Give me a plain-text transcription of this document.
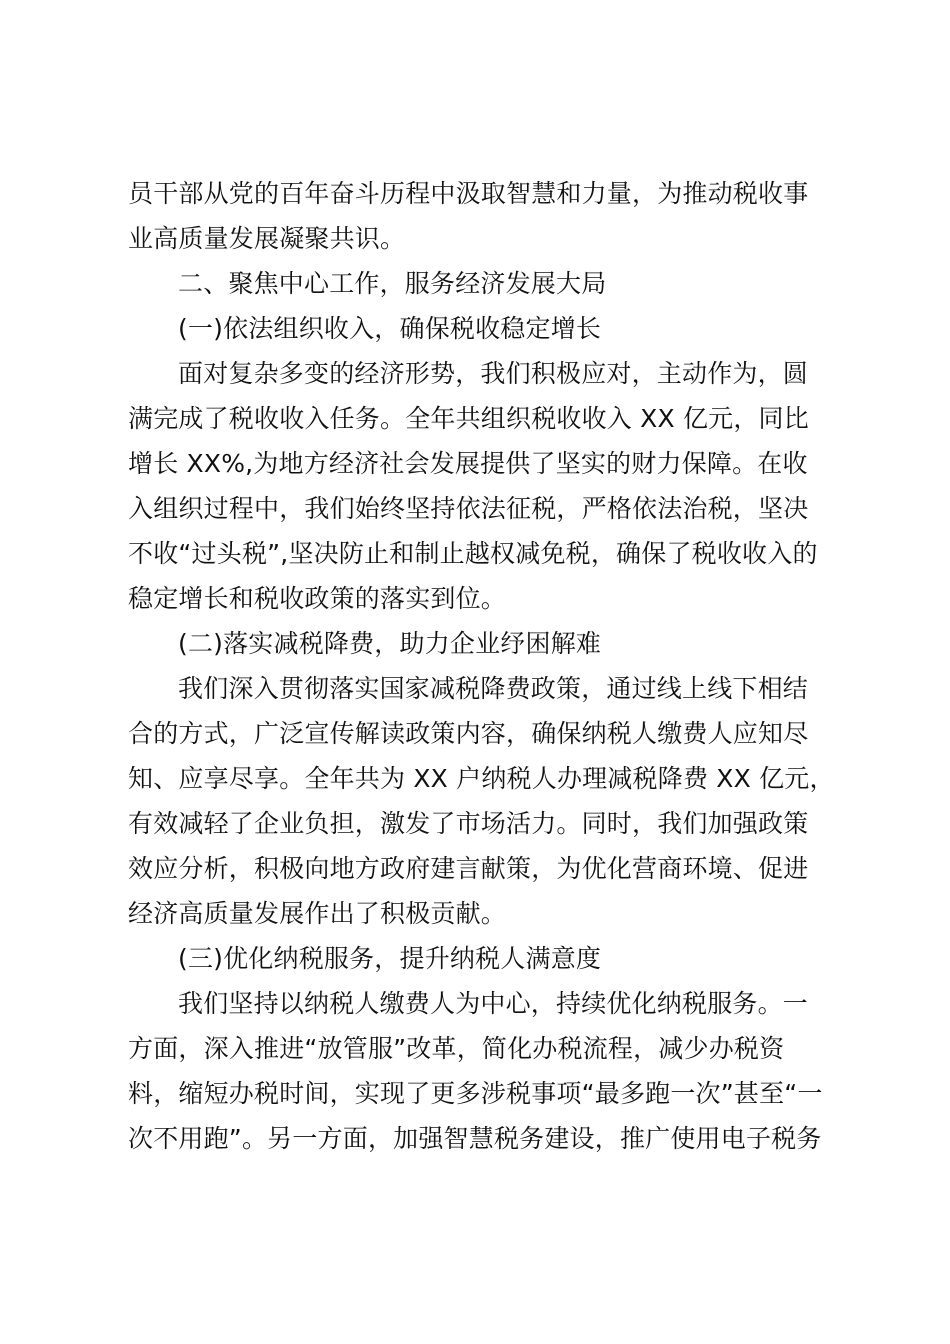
员干部从党的百年奋斗历程中汲取智慧和力量，为推动税收事
业高质量发展凝聚共识。
二、聚焦中心工作，服务经济发展大局
(一)依法组织收入，确保税收稳定增长
面对复杂多变的经济形势，我们积极应对，主动作为，圆
满完成了税收收入任务。全年共组织税收收入 XX 亿元，同比
增长 XX%,为地方经济社会发展提供了坚实的财力保障。在收
入组织过程中，我们始终坚持依法征税，严格依法治税，坚决
不收“过头税”,坚决防止和制止越权减免税，确保了税收收入的
稳定增长和税收政策的落实到位。
(二)落实减税降费，助力企业纾困解难
我们深入贯彻落实国家减税降费政策，通过线上线下相结
合的方式，广泛宣传解读政策内容，确保纳税人缴费人应知尽
知、应享尽享。全年共为 XX 户纳税人办理减税降费 XX 亿元，
有效减轻了企业负担，激发了市场活力。同时，我们加强政策
效应分析，积极向地方政府建言献策，为优化营商环境、促进
经济高质量发展作出了积极贡献。
(三)优化纳税服务，提升纳税人满意度
我们坚持以纳税人缴费人为中心，持续优化纳税服务。一
方面，深入推进“放管服”改革，简化办税流程，减少办税资
料，缩短办税时间，实现了更多涉税事项“最多跑一次”甚至“一
次不用跑”。另一方面，加强智慧税务建设，推广使用电子税务
